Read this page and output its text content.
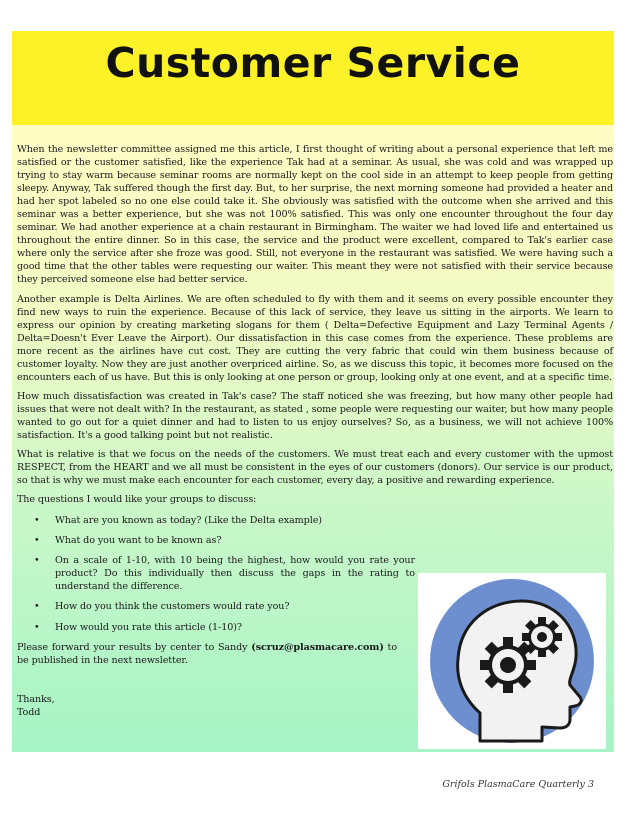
Customer Service

When the newsletter committee assigned me this article, I first thought of writing about a personal experience that left me satisfied or the customer satisfied, like the experience Tak had at a seminar. As usual, she was cold and was wrapped up trying to stay warm because seminar rooms are normally kept on the cool side in an attempt to keep people from getting sleepy. Anyway, Tak suffered though the first day. But, to her surprise, the next morning someone had provided a heater and had her spot labeled so no one else could take it. She obviously was satisfied with the outcome when she arrived and this seminar was a better experience, but she was not 100% satisfied. This was only one encounter throughout the four day seminar. We had another experience at a chain restaurant in Birmingham. The waiter we had loved life and entertained us throughout the entire dinner. So in this case, the service and the product were excellent, compared to Tak's earlier case where only the service after she froze was good. Still, not everyone in the restaurant was satisfied. We were having such a good time that the other tables were requesting our waiter. This meant they were not satisfied with their service because they perceived someone else had better service.

Another example is Delta Airlines. We are often scheduled to fly with them and it seems on every possible encounter they find new ways to ruin the experience. Because of this lack of service, they leave us sitting in the airports. We learn to express our opinion by creating marketing slogans for them ( Delta=Defective Equipment and Lazy Terminal Agents / Delta=Doesn't Ever Leave the Airport). Our dissatisfaction in this case comes from the experience. These problems are more recent as the airlines have cut cost. They are cutting the very fabric that could win them business because of customer loyalty. Now they are just another overpriced airline. So, as we discuss this topic, it becomes more focused on the encounters each of us have. But this is only looking at one person or group, looking only at one event, and at a specific time.

How much dissatisfaction was created in Tak's case? The staff noticed she was freezing, but how many other people had issues that were not dealt with? In the restaurant, as stated , some people were requesting our waiter, but how many people wanted to go out for a quiet dinner and had to listen to us enjoy ourselves? So, as a business, we will not achieve 100% satisfaction. It's a good talking point but not realistic.

What is relative is that we focus on the needs of the customers. We must treat each and every customer with the upmost RESPECT, from the HEART and we all must be consistent in the eyes of our customers (donors). Our service is our product, so that is why we must make each encounter for each customer, every day, a positive and rewarding experience.

The questions I would like your groups to discuss:

• What are you known as today? (Like the Delta example)
• What do you want to be known as?
• On a scale of 1-10, with 10 being the highest, how would you rate your product? Do this individually then discuss the gaps in the rating to understand the difference.
• How do you think the customers would rate you?
• How would you rate this article (1-10)?

Please forward your results by center to Sandy (scruz@plasmacare.com) to be published in the next newsletter.

Thanks,
Todd
Grifols PlasmaCare Quarterly 3
